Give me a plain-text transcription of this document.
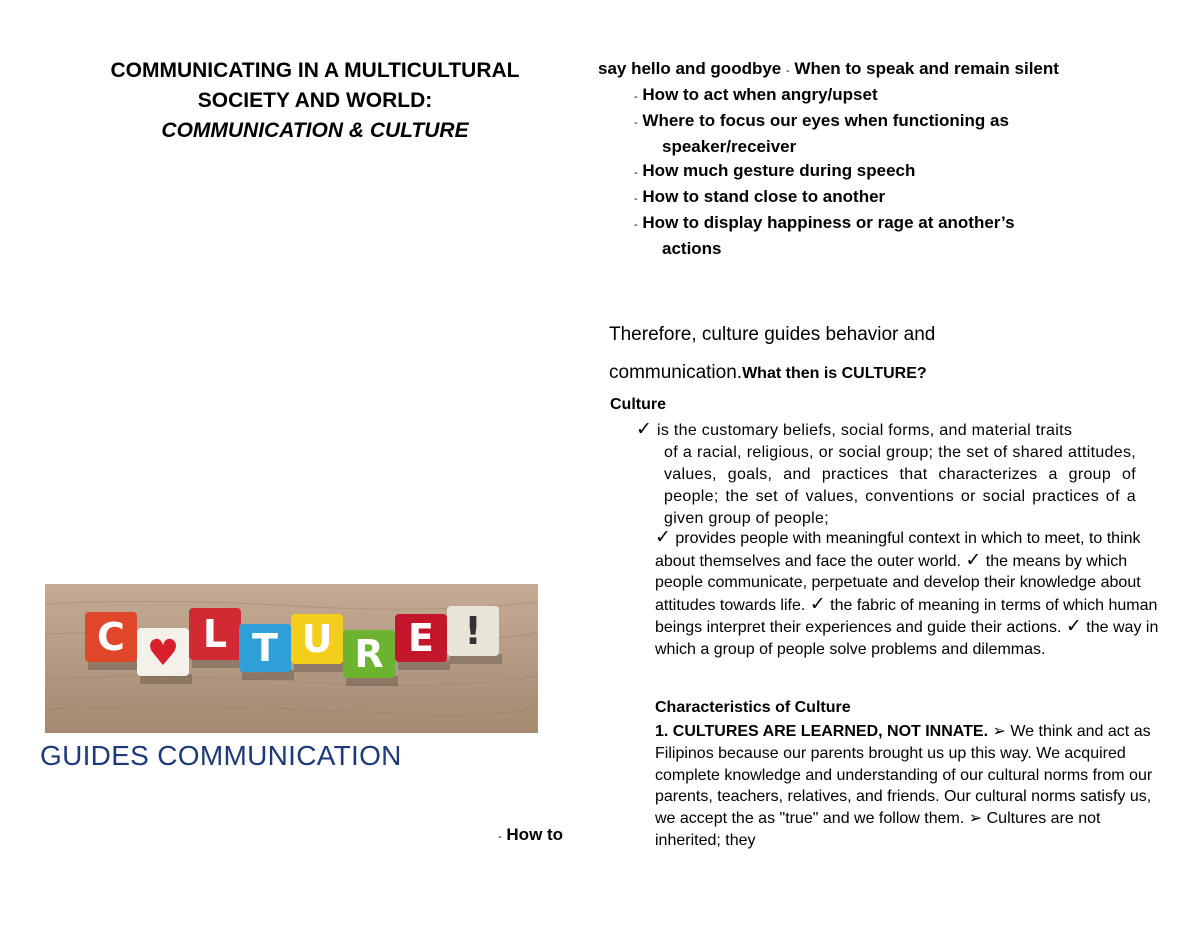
COMMUNICATING IN A MULTICULTURAL
SOCIETY AND WORLD:
COMMUNICATION & CULTURE
say hello and goodbye - When to speak and remain silent
- How to act when angry/upset
- Where to focus our eyes when functioning as
speaker/receiver
- How much gesture during speech
- How to stand close to another
- How to display happiness or rage at another’s
actions
Therefore, culture guides behavior and
communication.What then is CULTURE?
Culture
✓ is the customary beliefs, social forms, and material traits
of a racial, religious, or social group; the set of shared attitudes, values, goals, and practices that characterizes a group of people; the set of values, conventions or social practices of a given group of people;
✓ provides people with meaningful context in which to meet, to think about themselves and face the outer world. ✓ the means by which people communicate, perpetuate and develop their knowledge about attitudes towards life. ✓ the fabric of meaning in terms of which human beings interpret their experiences and guide their actions. ✓ the way in which a group of people solve problems and dilemmas.
Characteristics of Culture
1. CULTURES ARE LEARNED, NOT INNATE. ➢ We think and act as Filipinos because our parents brought us up this way. We acquired complete knowledge and understanding of our cultural norms from our parents, teachers, relatives, and friends. Our cultural norms satisfy us, we accept the as "true" and we follow them. ➢ Cultures are not inherited; they
C ♥ L T U R E !
GUIDES COMMUNICATION
- How to
